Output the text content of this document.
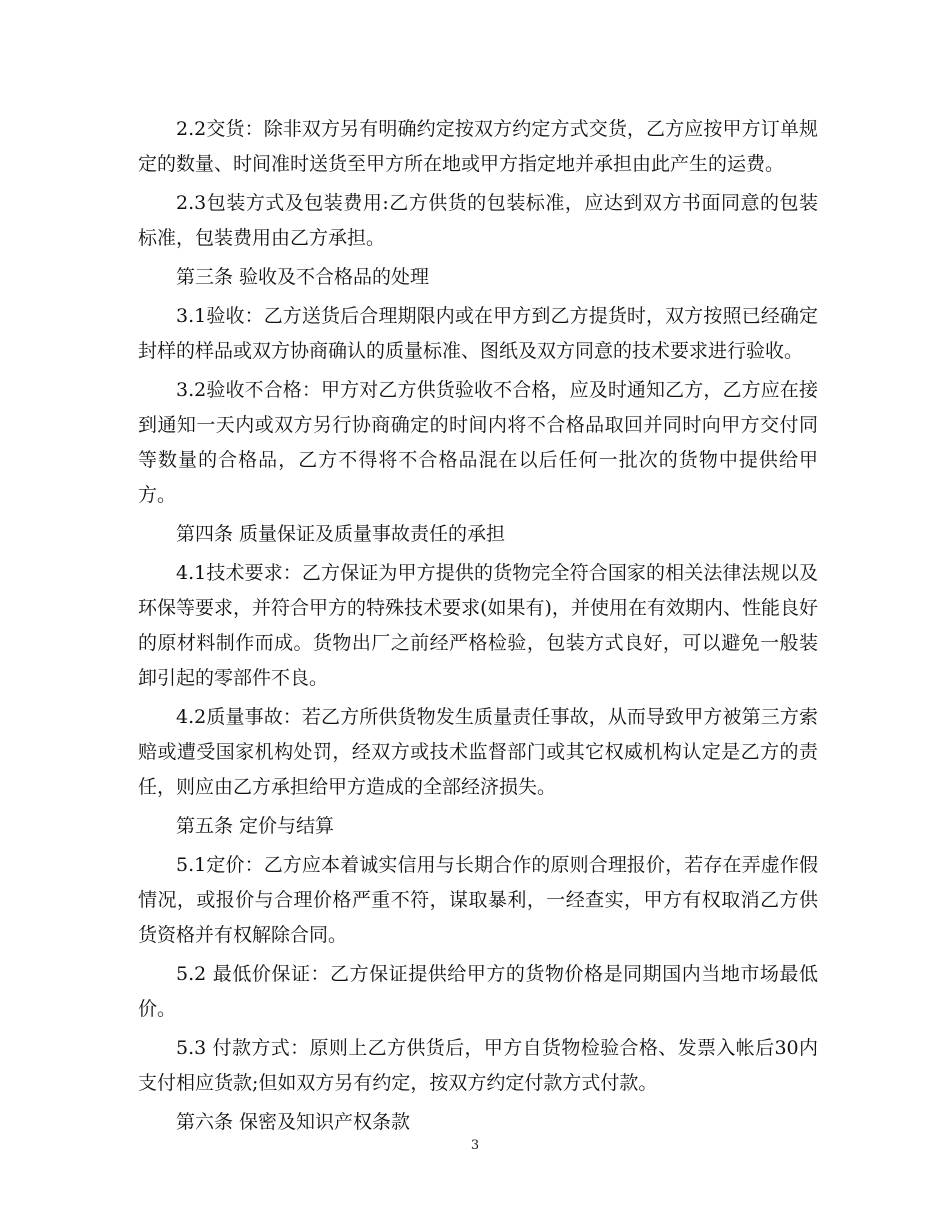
2.2交货：除非双方另有明确约定按双方约定方式交货，乙方应按甲方订单规定的数量、时间准时送货至甲方所在地或甲方指定地并承担由此产生的运费。

2.3包装方式及包装费用:乙方供货的包装标准，应达到双方书面同意的包装标准，包装费用由乙方承担。

第三条 验收及不合格品的处理

3.1验收：乙方送货后合理期限内或在甲方到乙方提货时，双方按照已经确定封样的样品或双方协商确认的质量标准、图纸及双方同意的技术要求进行验收。

3.2验收不合格：甲方对乙方供货验收不合格，应及时通知乙方，乙方应在接到通知一天内或双方另行协商确定的时间内将不合格品取回并同时向甲方交付同等数量的合格品，乙方不得将不合格品混在以后任何一批次的货物中提供给甲方。

第四条 质量保证及质量事故责任的承担

4.1技术要求：乙方保证为甲方提供的货物完全符合国家的相关法律法规以及环保等要求，并符合甲方的特殊技术要求(如果有)，并使用在有效期内、性能良好的原材料制作而成。货物出厂之前经严格检验，包装方式良好，可以避免一般装卸引起的零部件不良。

4.2质量事故：若乙方所供货物发生质量责任事故，从而导致甲方被第三方索赔或遭受国家机构处罚，经双方或技术监督部门或其它权威机构认定是乙方的责任，则应由乙方承担给甲方造成的全部经济损失。

第五条 定价与结算

5.1定价：乙方应本着诚实信用与长期合作的原则合理报价，若存在弄虚作假情况，或报价与合理价格严重不符，谋取暴利，一经查实，甲方有权取消乙方供货资格并有权解除合同。

5.2 最低价保证：乙方保证提供给甲方的货物价格是同期国内当地市场最低价。

5.3 付款方式：原则上乙方供货后，甲方自货物检验合格、发票入帐后30内支付相应货款;但如双方另有约定，按双方约定付款方式付款。

第六条 保密及知识产权条款

3
